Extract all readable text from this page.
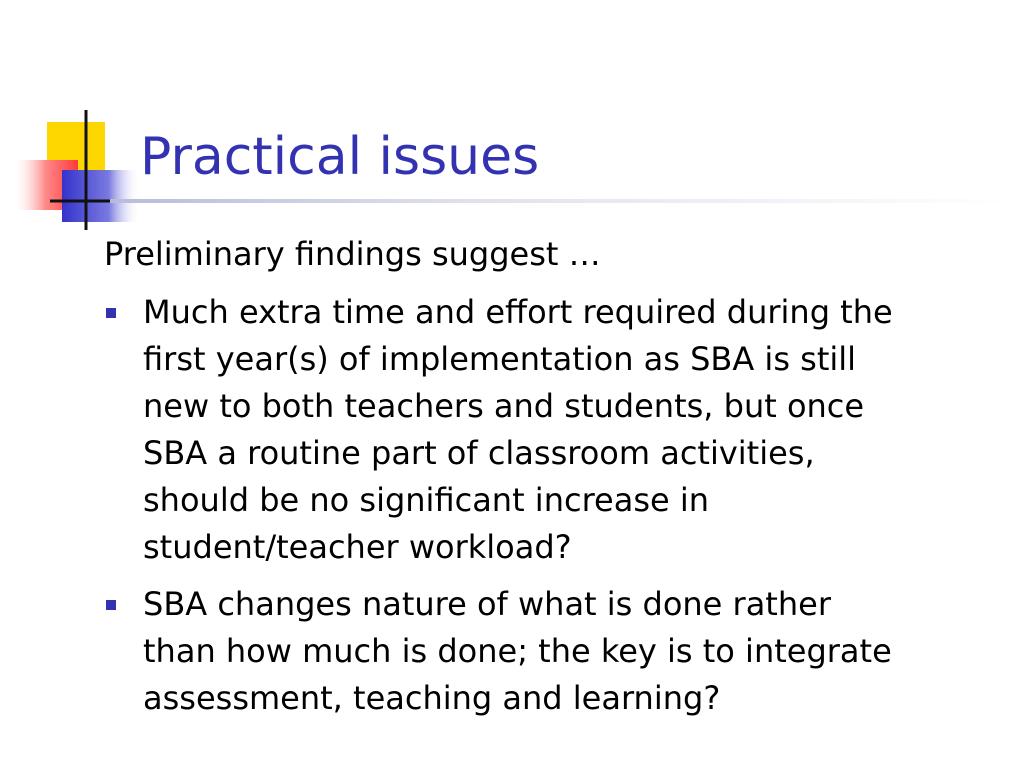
Practical issues
Preliminary findings suggest …
Much extra time and effort required during the
first year(s) of implementation as SBA is still
new to both teachers and students, but once
SBA a routine part of classroom activities,
should be no significant increase in
student/teacher workload?
SBA changes nature of what is done rather
than how much is done; the key is to integrate
assessment, teaching and learning?
